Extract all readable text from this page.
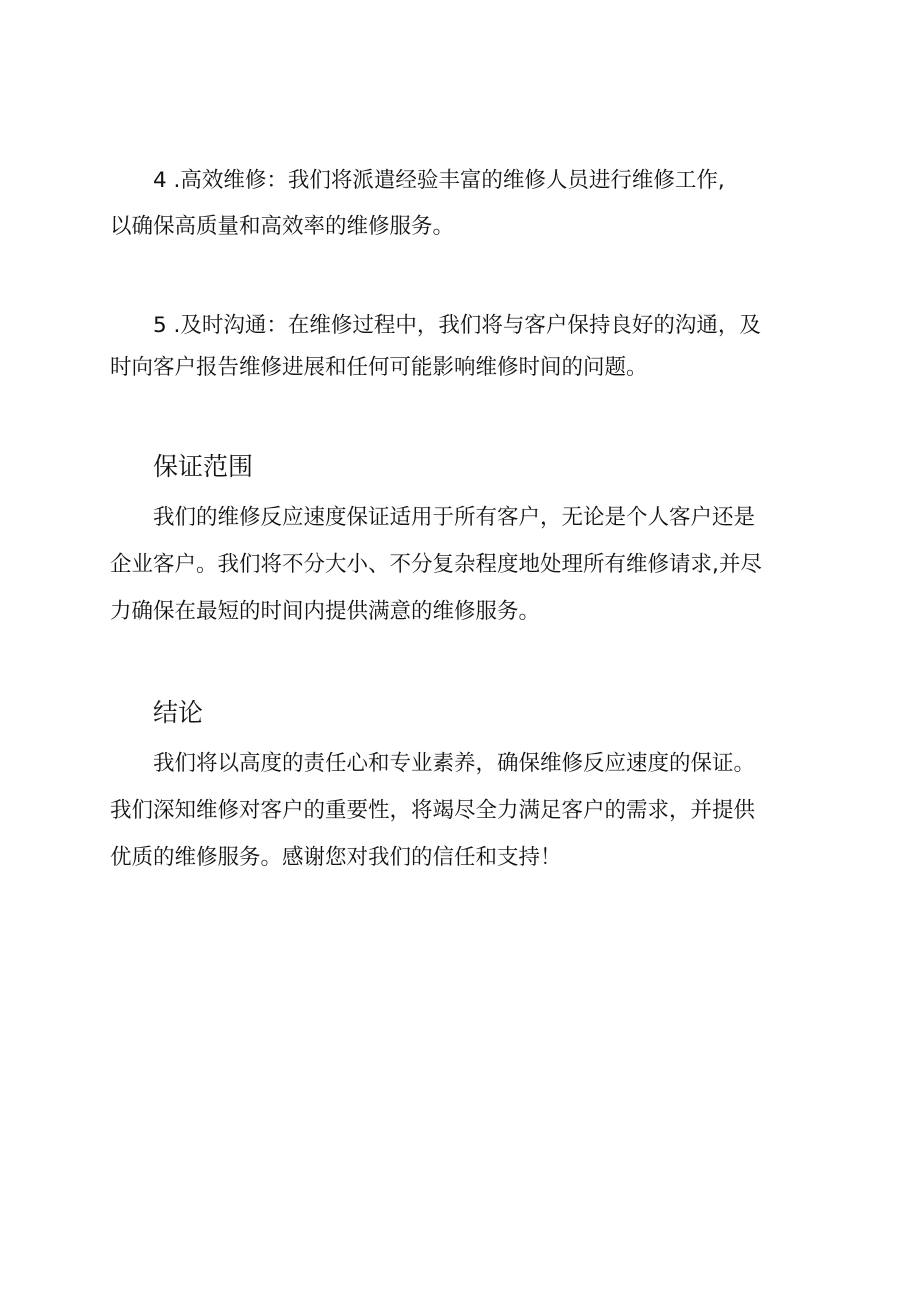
4 .高效维修：我们将派遣经验丰富的维修人员进行维修工作,
以确保高质量和高效率的维修服务。
5 .及时沟通：在维修过程中，我们将与客户保持良好的沟通，及
时向客户报告维修进展和任何可能影响维修时间的问题。
保证范围
我们的维修反应速度保证适用于所有客户，无论是个人客户还是
企业客户。我们将不分大小、不分复杂程度地处理所有维修请求,并尽
力确保在最短的时间内提供满意的维修服务。
结论
我们将以高度的责任心和专业素养，确保维修反应速度的保证。
我们深知维修对客户的重要性，将竭尽全力满足客户的需求，并提供
优质的维修服务。感谢您对我们的信任和支持！
